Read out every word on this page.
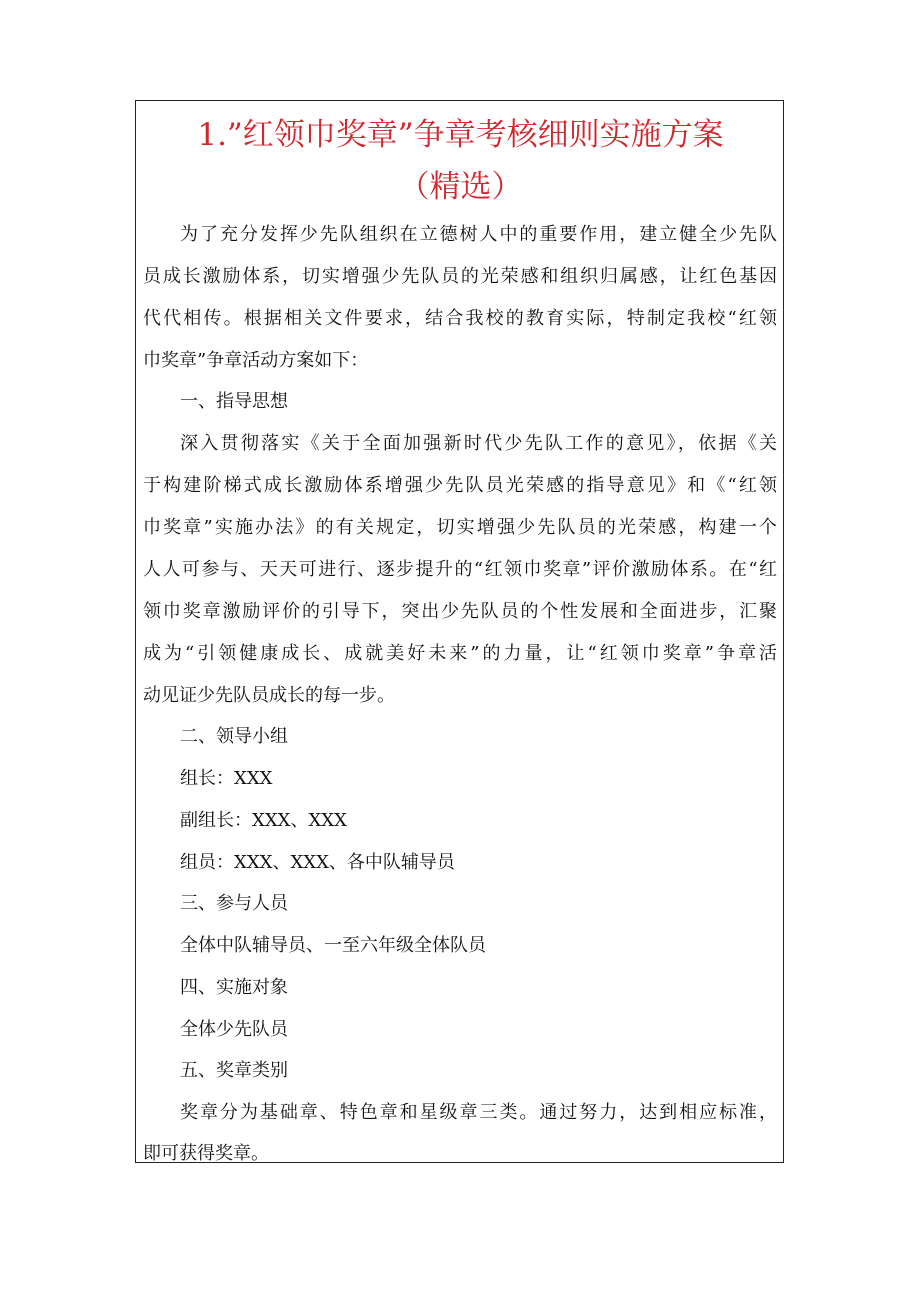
1.”红领巾奖章”争章考核细则实施方案
（精选）
为了充分发挥少先队组织在立德树人中的重要作用，建立健全少先队
员成长激励体系，切实增强少先队员的光荣感和组织归属感，让红色基因
代代相传。根据相关文件要求，结合我校的教育实际，特制定我校“红领
巾奖章”争章活动方案如下：
一、指导思想
深入贯彻落实《关于全面加强新时代少先队工作的意见》，依据《关
于构建阶梯式成长激励体系增强少先队员光荣感的指导意见》和《“红领
巾奖章”实施办法》的有关规定，切实增强少先队员的光荣感，构建一个
人人可参与、天天可进行、逐步提升的“红领巾奖章”评价激励体系。在“红
领巾奖章激励评价的引导下，突出少先队员的个性发展和全面进步，汇聚
成为“引领健康成长、成就美好未来”的力量，让“红领巾奖章”争章活
动见证少先队员成长的每一步。
二、领导小组
组长：XXX
副组长：XXX、XXX
组员：XXX、XXX、各中队辅导员
三、参与人员
全体中队辅导员、一至六年级全体队员
四、实施对象
全体少先队员
五、奖章类别
奖章分为基础章、特色章和星级章三类。通过努力，达到相应标准，
即可获得奖章。
